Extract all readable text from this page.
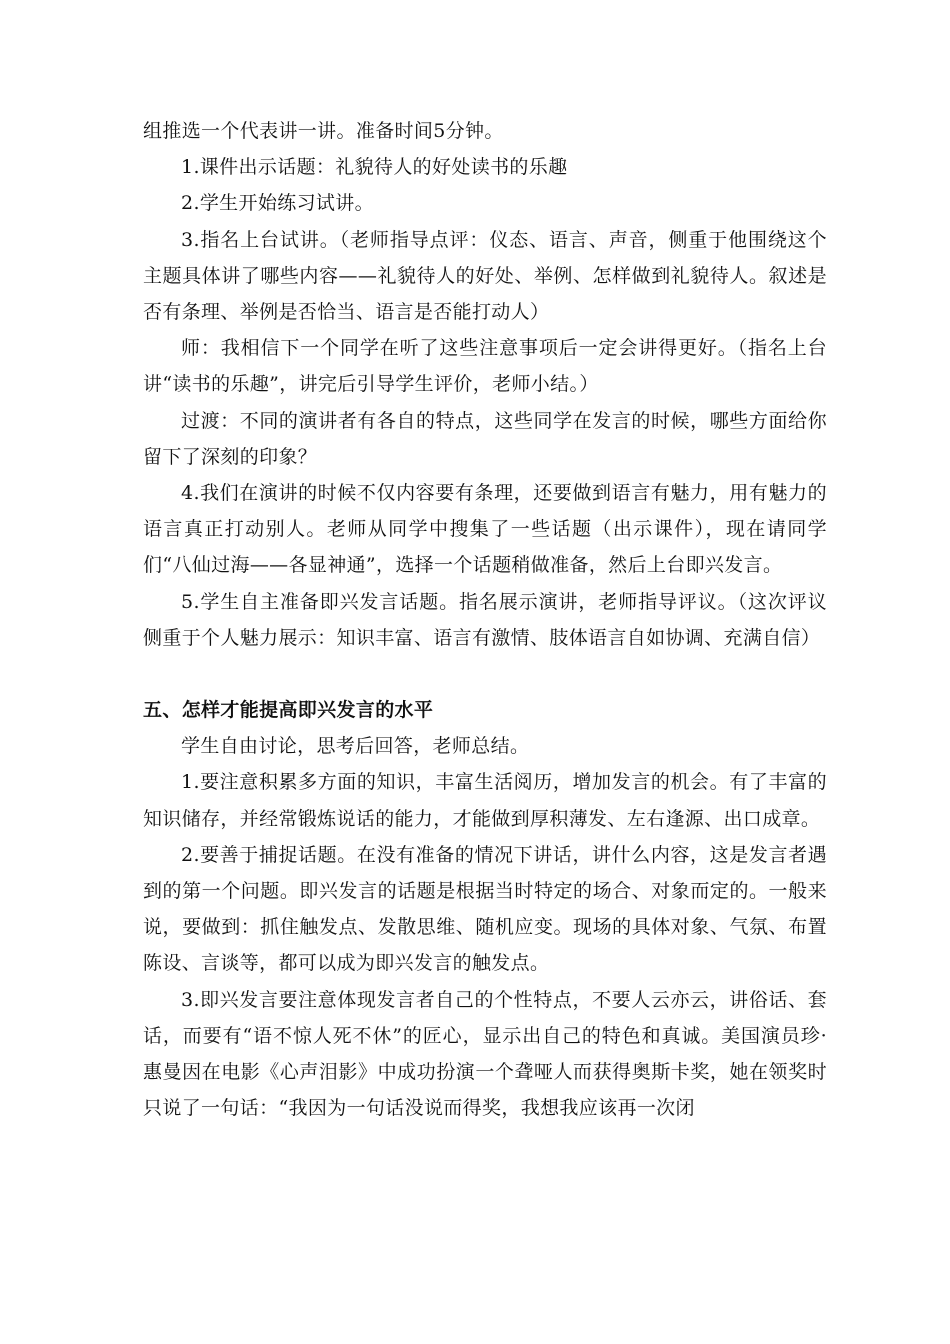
组推选一个代表讲一讲。准备时间5分钟。

1.课件出示话题：礼貌待人的好处读书的乐趣

2.学生开始练习试讲。

3.指名上台试讲。（老师指导点评：仪态、语言、声音，侧重于他围绕这个主题具体讲了哪些内容——礼貌待人的好处、举例、怎样做到礼貌待人。叙述是否有条理、举例是否恰当、语言是否能打动人）

师：我相信下一个同学在听了这些注意事项后一定会讲得更好。（指名上台讲“读书的乐趣”，讲完后引导学生评价，老师小结。）

过渡：不同的演讲者有各自的特点，这些同学在发言的时候，哪些方面给你留下了深刻的印象？

4.我们在演讲的时候不仅内容要有条理，还要做到语言有魅力，用有魅力的语言真正打动别人。老师从同学中搜集了一些话题（出示课件），现在请同学们“八仙过海——各显神通”，选择一个话题稍做准备，然后上台即兴发言。

5.学生自主准备即兴发言话题。指名展示演讲，老师指导评议。（这次评议侧重于个人魅力展示：知识丰富、语言有激情、肢体语言自如协调、充满自信）

五、怎样才能提高即兴发言的水平

学生自由讨论，思考后回答，老师总结。

1.要注意积累多方面的知识，丰富生活阅历，增加发言的机会。有了丰富的知识储存，并经常锻炼说话的能力，才能做到厚积薄发、左右逢源、出口成章。

2.要善于捕捉话题。在没有准备的情况下讲话，讲什么内容，这是发言者遇到的第一个问题。即兴发言的话题是根据当时特定的场合、对象而定的。一般来说，要做到：抓住触发点、发散思维、随机应变。现场的具体对象、气氛、布置陈设、言谈等，都可以成为即兴发言的触发点。

3.即兴发言要注意体现发言者自己的个性特点，不要人云亦云，讲俗话、套话，而要有“语不惊人死不休”的匠心，显示出自己的特色和真诚。美国演员珍·惠曼因在电影《心声泪影》中成功扮演一个聋哑人而获得奥斯卡奖，她在领奖时只说了一句话：“我因为一句话没说而得奖，我想我应该再一次闭
